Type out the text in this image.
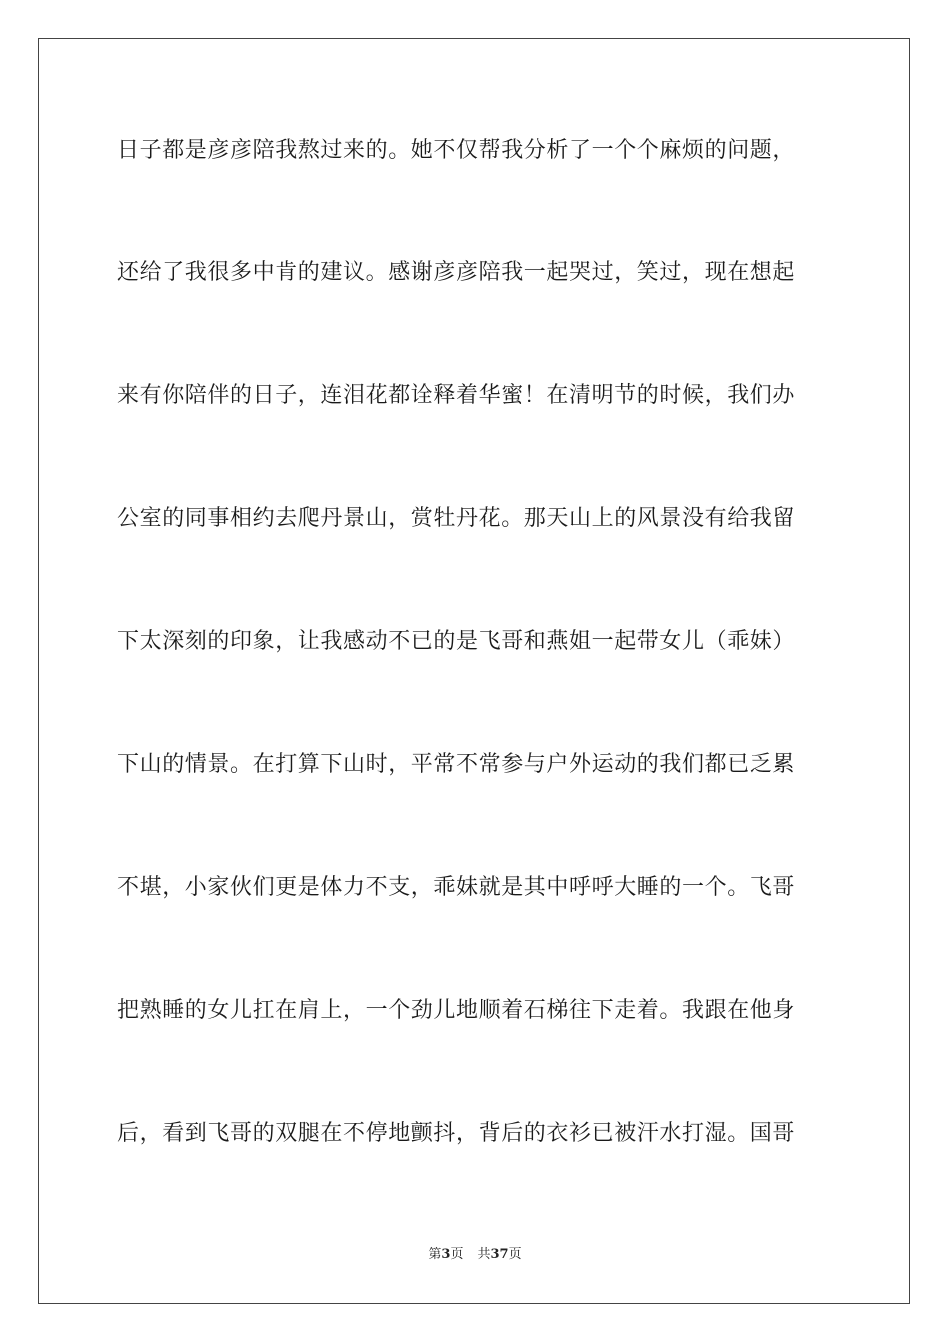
日子都是彦彦陪我熬过来的。她不仅帮我分析了一个个麻烦的问题，
还给了我很多中肯的建议。感谢彦彦陪我一起哭过，笑过，现在想起
来有你陪伴的日子，连泪花都诠释着华蜜！在清明节的时候，我们办
公室的同事相约去爬丹景山，赏牡丹花。那天山上的风景没有给我留
下太深刻的印象，让我感动不已的是飞哥和燕姐一起带女儿（乖妹）
下山的情景。在打算下山时，平常不常参与户外运动的我们都已乏累
不堪，小家伙们更是体力不支，乖妹就是其中呼呼大睡的一个。飞哥
把熟睡的女儿扛在肩上，一个劲儿地顺着石梯往下走着。我跟在他身
后，看到飞哥的双腿在不停地颤抖，背后的衣衫已被汗水打湿。国哥
第3页 共37页
